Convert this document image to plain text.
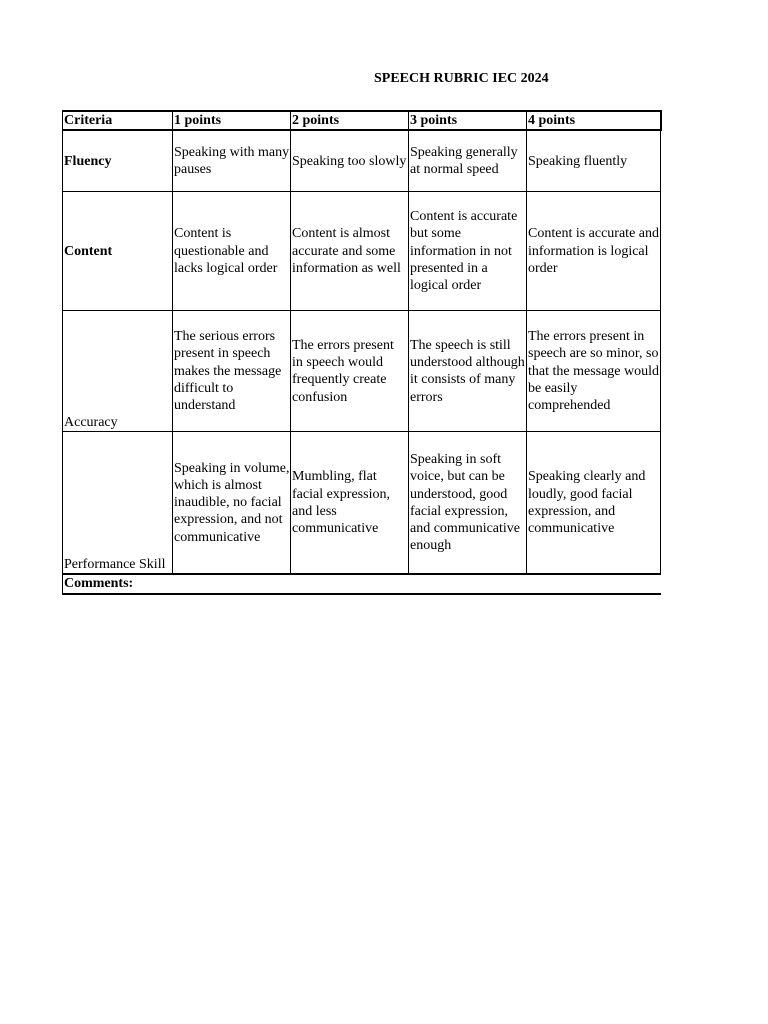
SPEECH RUBRIC IEC 2024
Criteria	1 points	2 points	3 points	4 points
Fluency	Speaking with many pauses	Speaking too slowly	Speaking generally at normal speed	Speaking fluently
Content	Content is questionable and lacks logical order	Content is almost accurate and some information as well	Content is accurate but some information in not presented in a logical order	Content is accurate and information is logical order
Accuracy	The serious errors present in speech makes the message difficult to understand	The errors present in speech would frequently create confusion	The speech is still understood although it consists of many errors	The errors present in speech are so minor, so that the message would be easily comprehended
Performance Skill	Speaking in volume, which is almost inaudible, no facial expression, and not communicative	Mumbling, flat facial expression, and less communicative	Speaking in soft voice, but can be understood, good facial expression, and communicative enough	Speaking clearly and loudly, good facial expression, and communicative
Comments:				
